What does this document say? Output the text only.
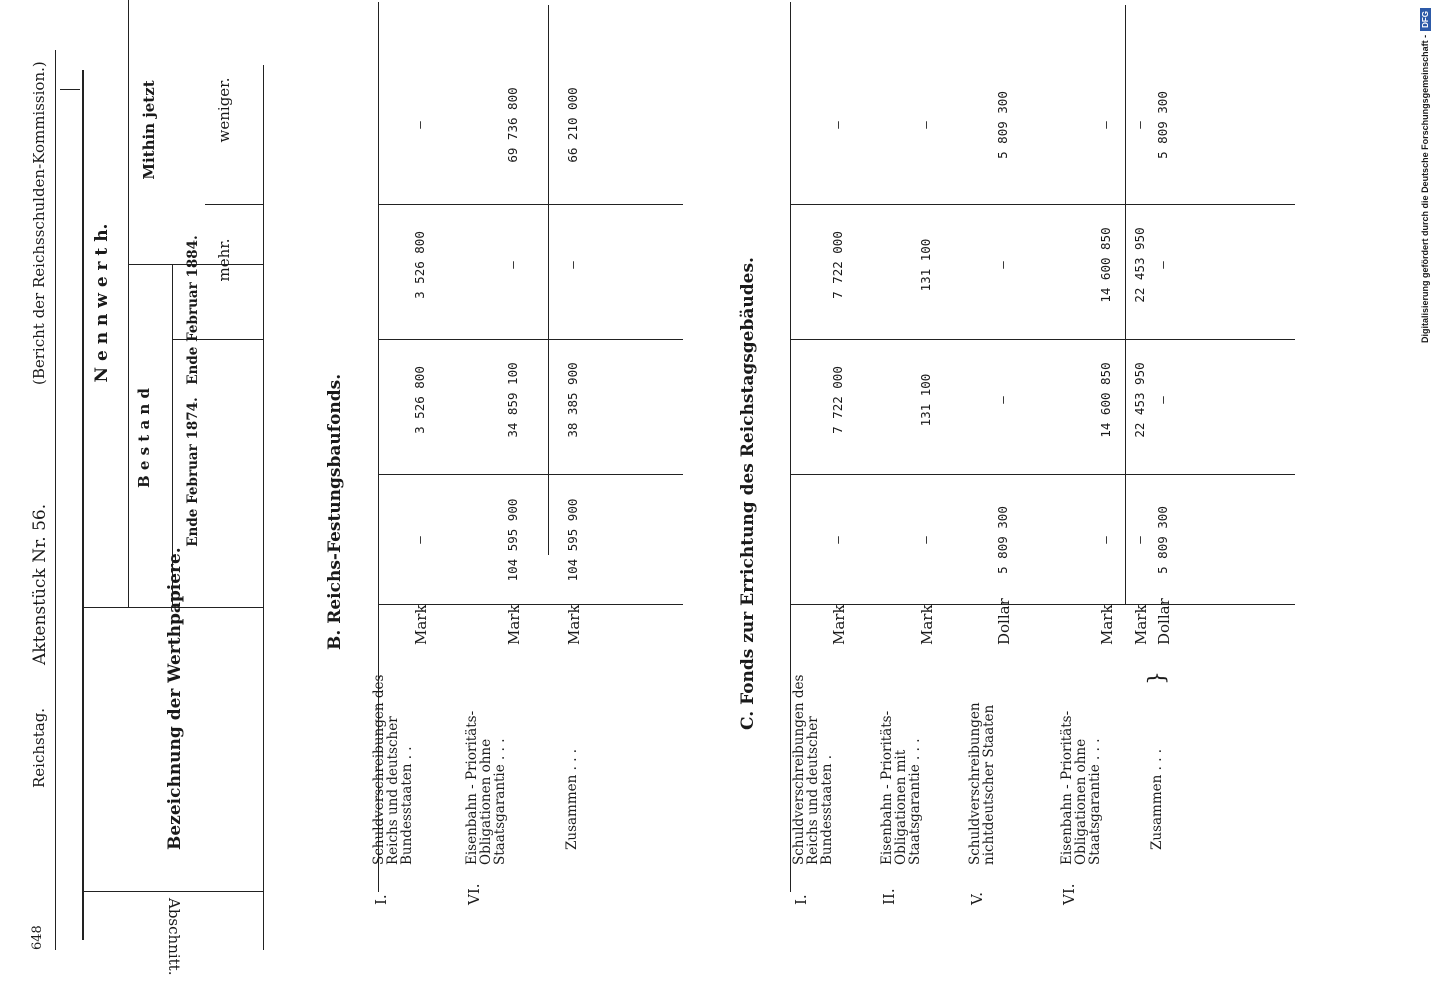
648
Reichstag.
Aktenstück Nr. 56.
(Bericht der Reichsschulden-Kommission.)
Abschnitt.
Bezeichnung der Werthpapiere.
N e n n w e r t h.
B e s t a n d Ende Februar 1874.
Ende Februar 1884.
Mithin jetzt
mehr.
weniger.
B. Reichs-Festungsbaufonds.
I.
Schuldverschreibungen des Reichs und deutscher Bundesstaaten . .
Mark
—
3 526 800
3 526 800
—
VI.
Eisenbahn - Prioritäts-Obligationen ohne Staatsgarantie . . .
Mark
104 595 900
34 859 100
—
69 736 800
Zusammen . . .
Mark
104 595 900
38 385 900
—
66 210 000
C. Fonds zur Errichtung des Reichstagsgebäudes.
I.
Schuldverschreibungen des Reichs und deutscher Bundesstaaten .
Mark
—
7 722 000
7 722 000
—
II.
Eisenbahn - Prioritäts-Obligationen mit Staatsgarantie . . .
Mark
—
131 100
131 100
—
V.
Schuldverschreibungen nichtdeutscher Staaten
Dollar
5 809 300
—
—
5 809 300
VI.
Eisenbahn - Prioritäts-Obligationen ohne Staatsgarantie . . .
Mark
—
14 600 850
14 600 850
—
Zusammen . . .
}
Mark Dollar
— 5 809 300
22 453 950 —
22 453 950 —
— 5 809 300	Digitalisierung gefördert durch die Deutsche Forschungsgemeinschaft -DFG
